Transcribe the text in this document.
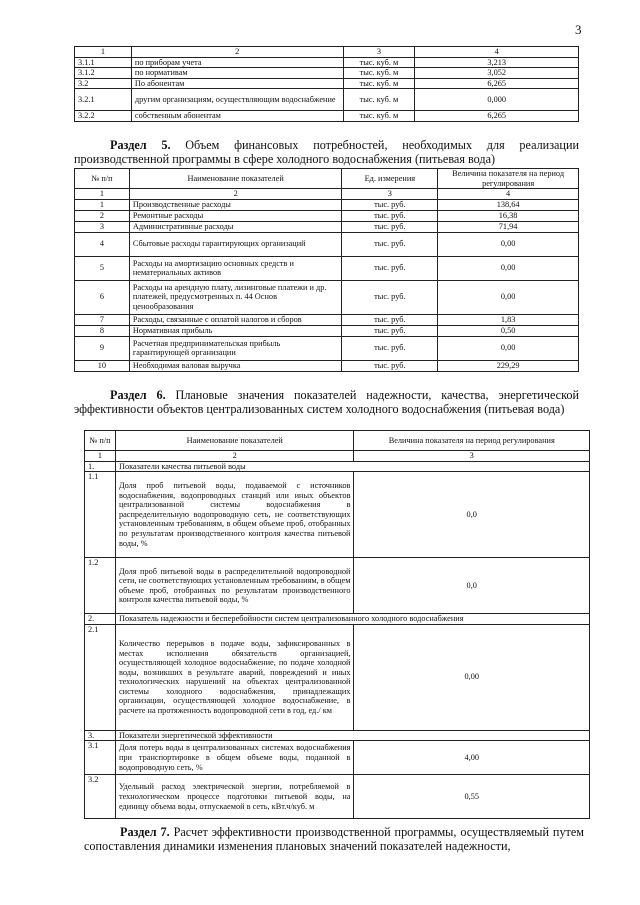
3
1	2	3	4
3.1.1	по приборам учета	тыс. куб. м	3,213
3.1.2	по нормативам	тыс. куб. м	3,052
3.2	По абонентам	тыс. куб. м	6,265
3.2.1	другим организациям, осуществляющим водоснабжение	тыс. куб. м	0,000
3.2.2	собственным абонентам	тыс. куб. м	6,265

Раздел 5. Объем финансовых потребностей, необходимых для реализации производственной программы в сфере холодного водоснабжения (питьевая вода)

№ п/п	Наименование показателей	Ед. измерения	Величина показателя на период регулирования
1	2	3	4
1	Производственные расходы	тыс. руб.	138,64
2	Ремонтные расходы	тыс. руб.	16,38
3	Административные расходы	тыс. руб.	71,94
4	Сбытовые расходы гарантирующих организаций	тыс. руб.	0,00
5	Расходы на амортизацию основных средств и нематериальных активов	тыс. руб.	0,00
6	Расходы на арендную плату, лизинговые платежи и др. платежей, предусмотренных п. 44 Основ ценообразования	тыс. руб.	0,00
7	Расходы, связанные с оплатой налогов и сборов	тыс. руб.	1,83
8	Нормативная прибыль	тыс. руб.	0,50
9	Расчетная предпринимательская прибыль гарантирующей организации	тыс. руб.	0,00
10	Необходимая валовая выручка	тыс. руб.	229,29

Раздел 6. Плановые значения показателей надежности, качества, энергетической эффективности объектов централизованных систем холодного водоснабжения (питьевая вода)

№ п/п	Наименование показателей	Величина показателя на период регулирования
1	2	3
1.	Показатели качества питьевой воды	
1.1	Доля проб питьевой воды, подаваемой с источников водоснабжения, водопроводных станций или иных объектов централизованной системы водоснабжения в распределительную водопроводную сеть, не соответствующих установленным требованиям, в общем объеме проб, отобранных по результатам производственного контроля качества питьевой воды, %	0,0
1.2	Доля проб питьевой воды в распределительной водопроводной сети, не соответствующих установленным требованиям, в общем объеме проб, отобранных по результатам производственного контроля качества питьевой воды, %	0,0
2.	Показатель надежности и бесперебойности систем централизованного холодного водоснабжения	
2.1	Количество перерывов в подаче воды, зафиксированных в местах исполнения обязательств организацией, осуществляющей холодное водоснабжение, по подаче холодной воды, возникших в результате аварий, повреждений и иных технологических нарушений на объектах централизованной системы холодного водоснабжения, принадлежащих организации, осуществляющей холодное водоснабжение, в расчете на протяженность водопроводной сети в год, ед./ км	0,00
3.	Показатели энергетической эффективности	
3.1	Доля потерь воды в централизованных системах водоснабжения при транспортировке в общем объеме воды, поданной в водопроводную сеть, %	4,00
3.2	Удельный расход электрической энергии, потребляемой в технологическом процессе подготовки питьевой воды, на единицу объема воды, отпускаемой в сеть, кВт.ч/куб. м	0,55

Раздел 7. Расчет эффективности производственной программы, осуществляемый путем сопоставления динамики изменения плановых значений показателей надежности,
